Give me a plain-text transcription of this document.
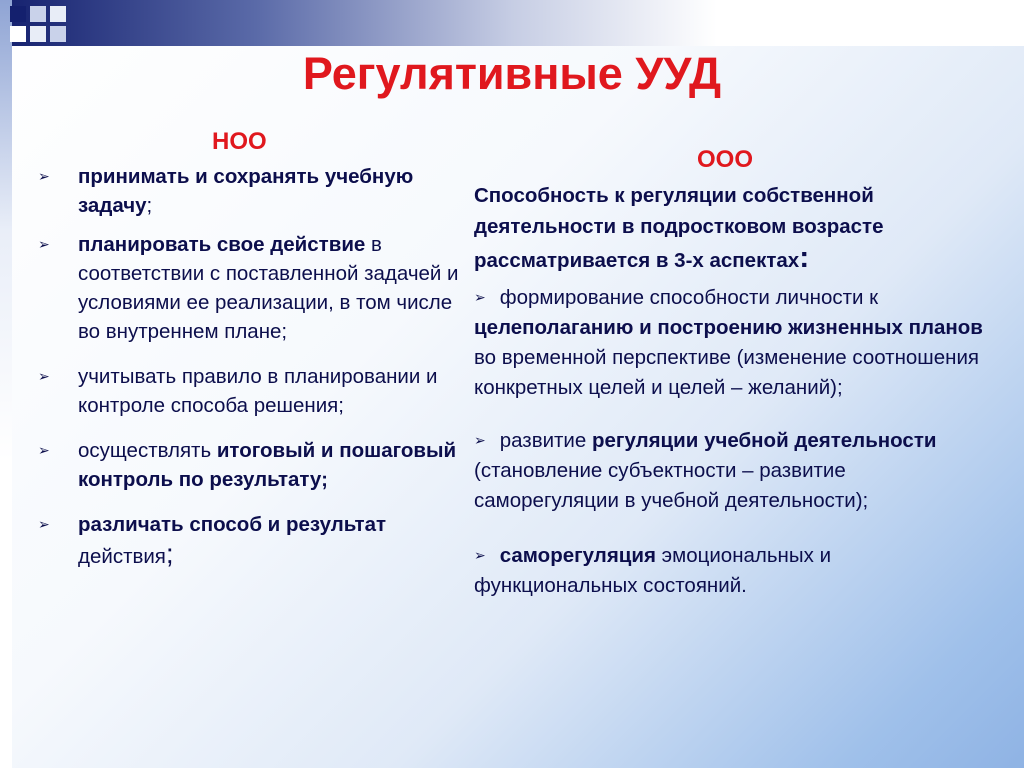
Регулятивные УУД
НОО
ООО
➢ принимать и сохранять учебную задачу;
➢ планировать свое действие в соответствии с поставленной задачей и условиями ее реализации, в том числе во внутреннем плане;
➢ учитывать правило в планировании и контроле способа решения;
➢ осуществлять итоговый и пошаговый контроль по результату;
➢ различать способ и результат действия;
Способность к регуляции собственной деятельности в подростковом возрасте рассматривается в 3-х аспектах:
➢ формирование способности личности к целеполаганию и построению жизненных планов во временной перспективе (изменение соотношения конкретных целей и целей – желаний);
➢ развитие регуляции учебной деятельности (становление субъектности – развитие саморегуляции в учебной деятельности);
➢ саморегуляция эмоциональных и функциональных состояний.
